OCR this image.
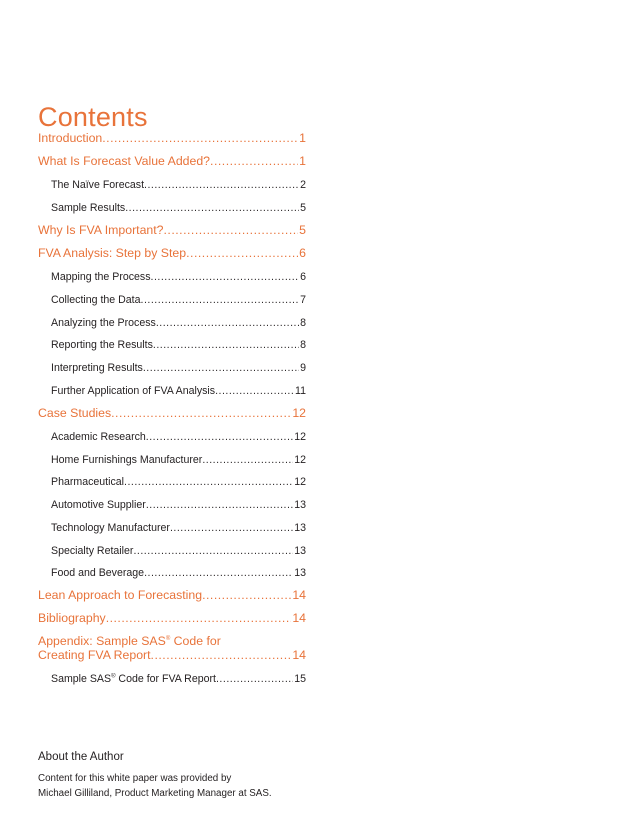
Contents
Introduction .....	1
What Is Forecast Value Added? .....	1
The Naïve Forecast .....	2
Sample Results .....	5
Why Is FVA Important? .....	5
FVA Analysis: Step by Step .....	6
Mapping the Process .....	6
Collecting the Data .....	7
Analyzing the Process .....	8
Reporting the Results .....	8
Interpreting Results .....	9
Further Application of FVA Analysis .....	11
Case Studies .....	12
Academic Research .....	12
Home Furnishings Manufacturer .....	12
Pharmaceutical .....	12
Automotive Supplier .....	13
Technology Manufacturer .....	13
Specialty Retailer .....	13
Food and Beverage .....	13
Lean Approach to Forecasting .....	14
Bibliography .....	14
Appendix: Sample SAS® Code for
Creating FVA Report .....	14
Sample SAS® Code for FVA Report .....	15
About the Author
Content for this white paper was provided by
Michael Gilliland, Product Marketing Manager at SAS.
